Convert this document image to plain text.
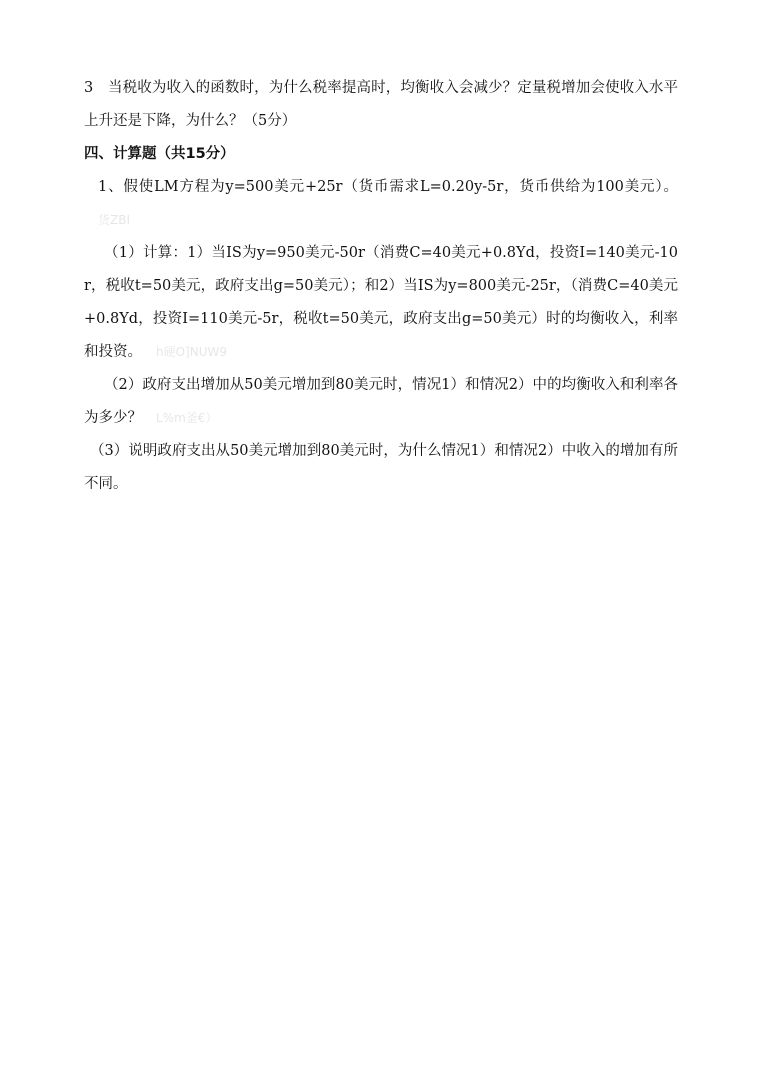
3　当税收为收入的函数时，为什么税率提高时，均衡收入会减少？定量税增加会使收入水平上升还是下降，为什么？（5分）

四、计算题（共15分）

1、假使LM方程为y=500美元+25r（货币需求L=0.20y-5r，货币供给为100美元）。货ZBI

（1）计算：1）当IS为y=950美元-50r（消费C=40美元+0.8Yd，投资I=140美元-10r，税收t=50美元，政府支出g=50美元）；和2）当IS为y=800美元-25r，（消费C=40美元+0.8Yd，投资I=110美元-5r，税收t=50美元，政府支出g=50美元）时的均衡收入，利率和投资。 h硬O]NUW9

（2）政府支出增加从50美元增加到80美元时，情况1）和情况2）中的均衡收入和利率各为多少？ L%m釜€）

（3）说明政府支出从50美元增加到80美元时，为什么情况1）和情况2）中收入的增加有所不同。
